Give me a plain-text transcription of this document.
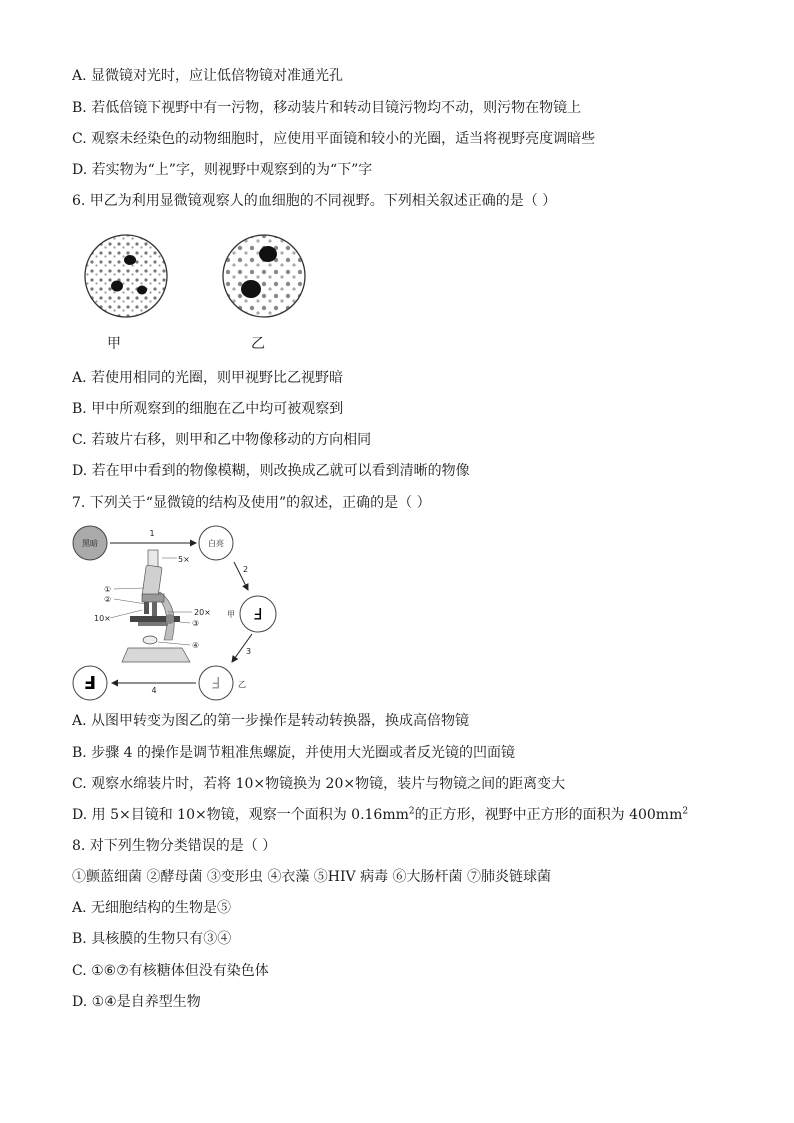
A. 显微镜对光时，应让低倍物镜对准通光孔
B. 若低倍镜下视野中有一污物，移动装片和转动目镜污物均不动，则污物在物镜上
C. 观察未经染色的动物细胞时，应使用平面镜和较小的光圈，适当将视野亮度调暗些
D. 若实物为“上”字，则视野中观察到的为“下”字
6. 甲乙为利用显微镜观察人的血细胞的不同视野。下列相关叙述正确的是（ ）
甲	乙
A. 若使用相同的光圈，则甲视野比乙视野暗
B. 甲中所观察到的细胞在乙中均可被观察到
C. 若玻片右移，则甲和乙中物像移动的方向相同
D. 若在甲中看到的物像模糊，则改换成乙就可以看到清晰的物像
7. 下列关于“显微镜的结构及使用”的叙述，正确的是（ ）
黑暗	白亮
1
2
F
甲
3
F 乙
F	4
5×
20×
10×
①
②
③
④
A. 从图甲转变为图乙的第一步操作是转动转换器，换成高倍物镜
B. 步骤 4 的操作是调节粗准焦螺旋，并使用大光圈或者反光镜的凹面镜
C. 观察水绵装片时，若将 10×物镜换为 20×物镜，装片与物镜之间的距离变大
D. 用 5×目镜和 10×物镜，观察一个面积为 $0.16mm^2$的正方形，视野中正方形的面积为 $400mm^2$
8. 对下列生物分类错误的是（ ）
①颤蓝细菌 ②酵母菌 ③变形虫 ④衣藻 ⑤HIV 病毒 ⑥大肠杆菌 ⑦肺炎链球菌
A. 无细胞结构的生物是⑤
B. 具核膜的生物只有③④
C. ①⑥⑦有核糖体但没有染色体
D. ①④是自养型生物
